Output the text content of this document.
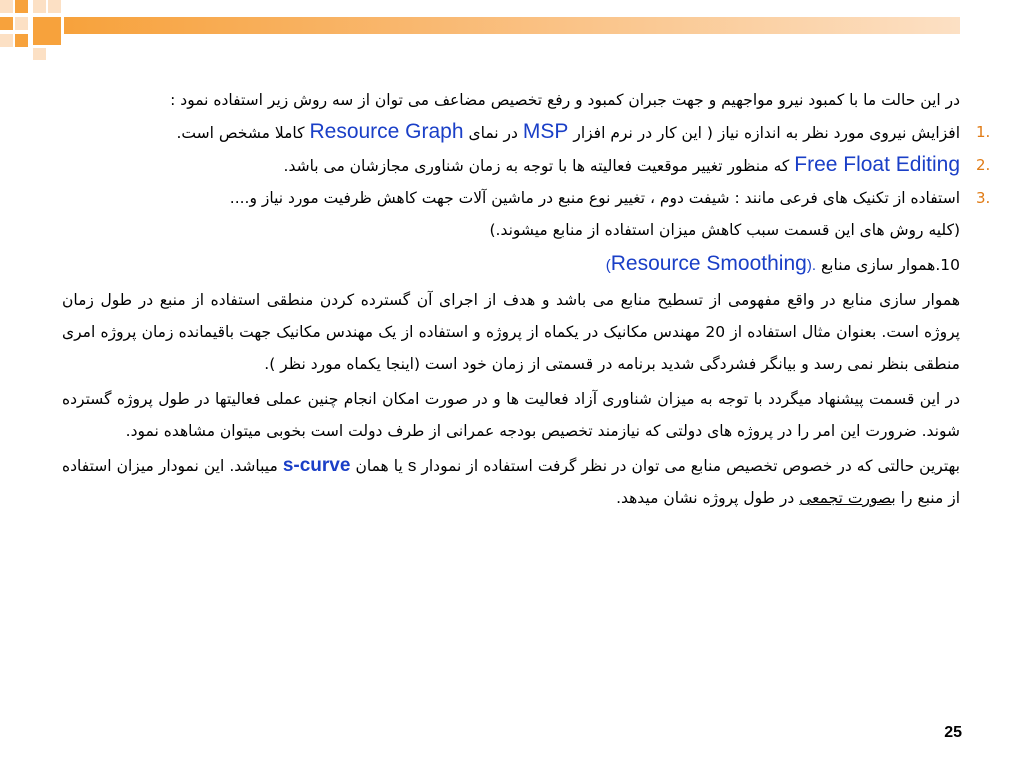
در این حالت ما با کمبود نیرو مواجهیم و جهت جبران کمبود و رفع تخصیص مضاعف می توان از سه روش زیر استفاده نمود :

1.

افزایش نیروی مورد نظر به اندازه نیاز ( این کار در نرم افزار MSP در نمای Resource Graph کاملا مشخص است.

2.

Free Float Editing که منظور تغییر موقعیت فعالیته ها با توجه به زمان شناوری مجازشان می باشد.

3.

استفاده از تکنیک های فرعی مانند : شیفت دوم ، تغییر نوع منبع در ماشین آلات جهت کاهش ظرفیت مورد نیاز و....

(کلیه روش های این قسمت سبب کاهش میزان استفاده از منابع میشوند.)

10.هموار سازی منابع (Resource Smoothing).

هموار سازی منابع در واقع مفهومی از تسطیح منابع می باشد و هدف از اجرای آن گسترده کردن منطقی استفاده از منبع در طول زمان پروژه است. بعنوان مثال استفاده از 20 مهندس مکانیک در یکماه از پروژه و استفاده از یک مهندس مکانیک جهت باقیمانده زمان پروژه امری منطقی بنظر نمی رسد و بیانگر فشردگی شدید برنامه در قسمتی از زمان خود است (اینجا یکماه مورد نظر ).

در این قسمت پیشنهاد میگردد با توجه به میزان شناوری آزاد فعالیت ها و در صورت امکان انجام چنین عملی فعالیتها در طول پروژه گسترده شوند. ضرورت این امر را در پروژه های دولتی که نیازمند تخصیص بودجه عمرانی از طرف دولت است بخوبی میتوان مشاهده نمود.

بهترین حالتی که در خصوص تخصیص منابع می توان در نظر گرفت استفاده از نمودار s یا همان s-curve میباشد. این نمودار میزان استفاده از منبع را بصورت تجمعی در طول پروژه نشان میدهد.

25
